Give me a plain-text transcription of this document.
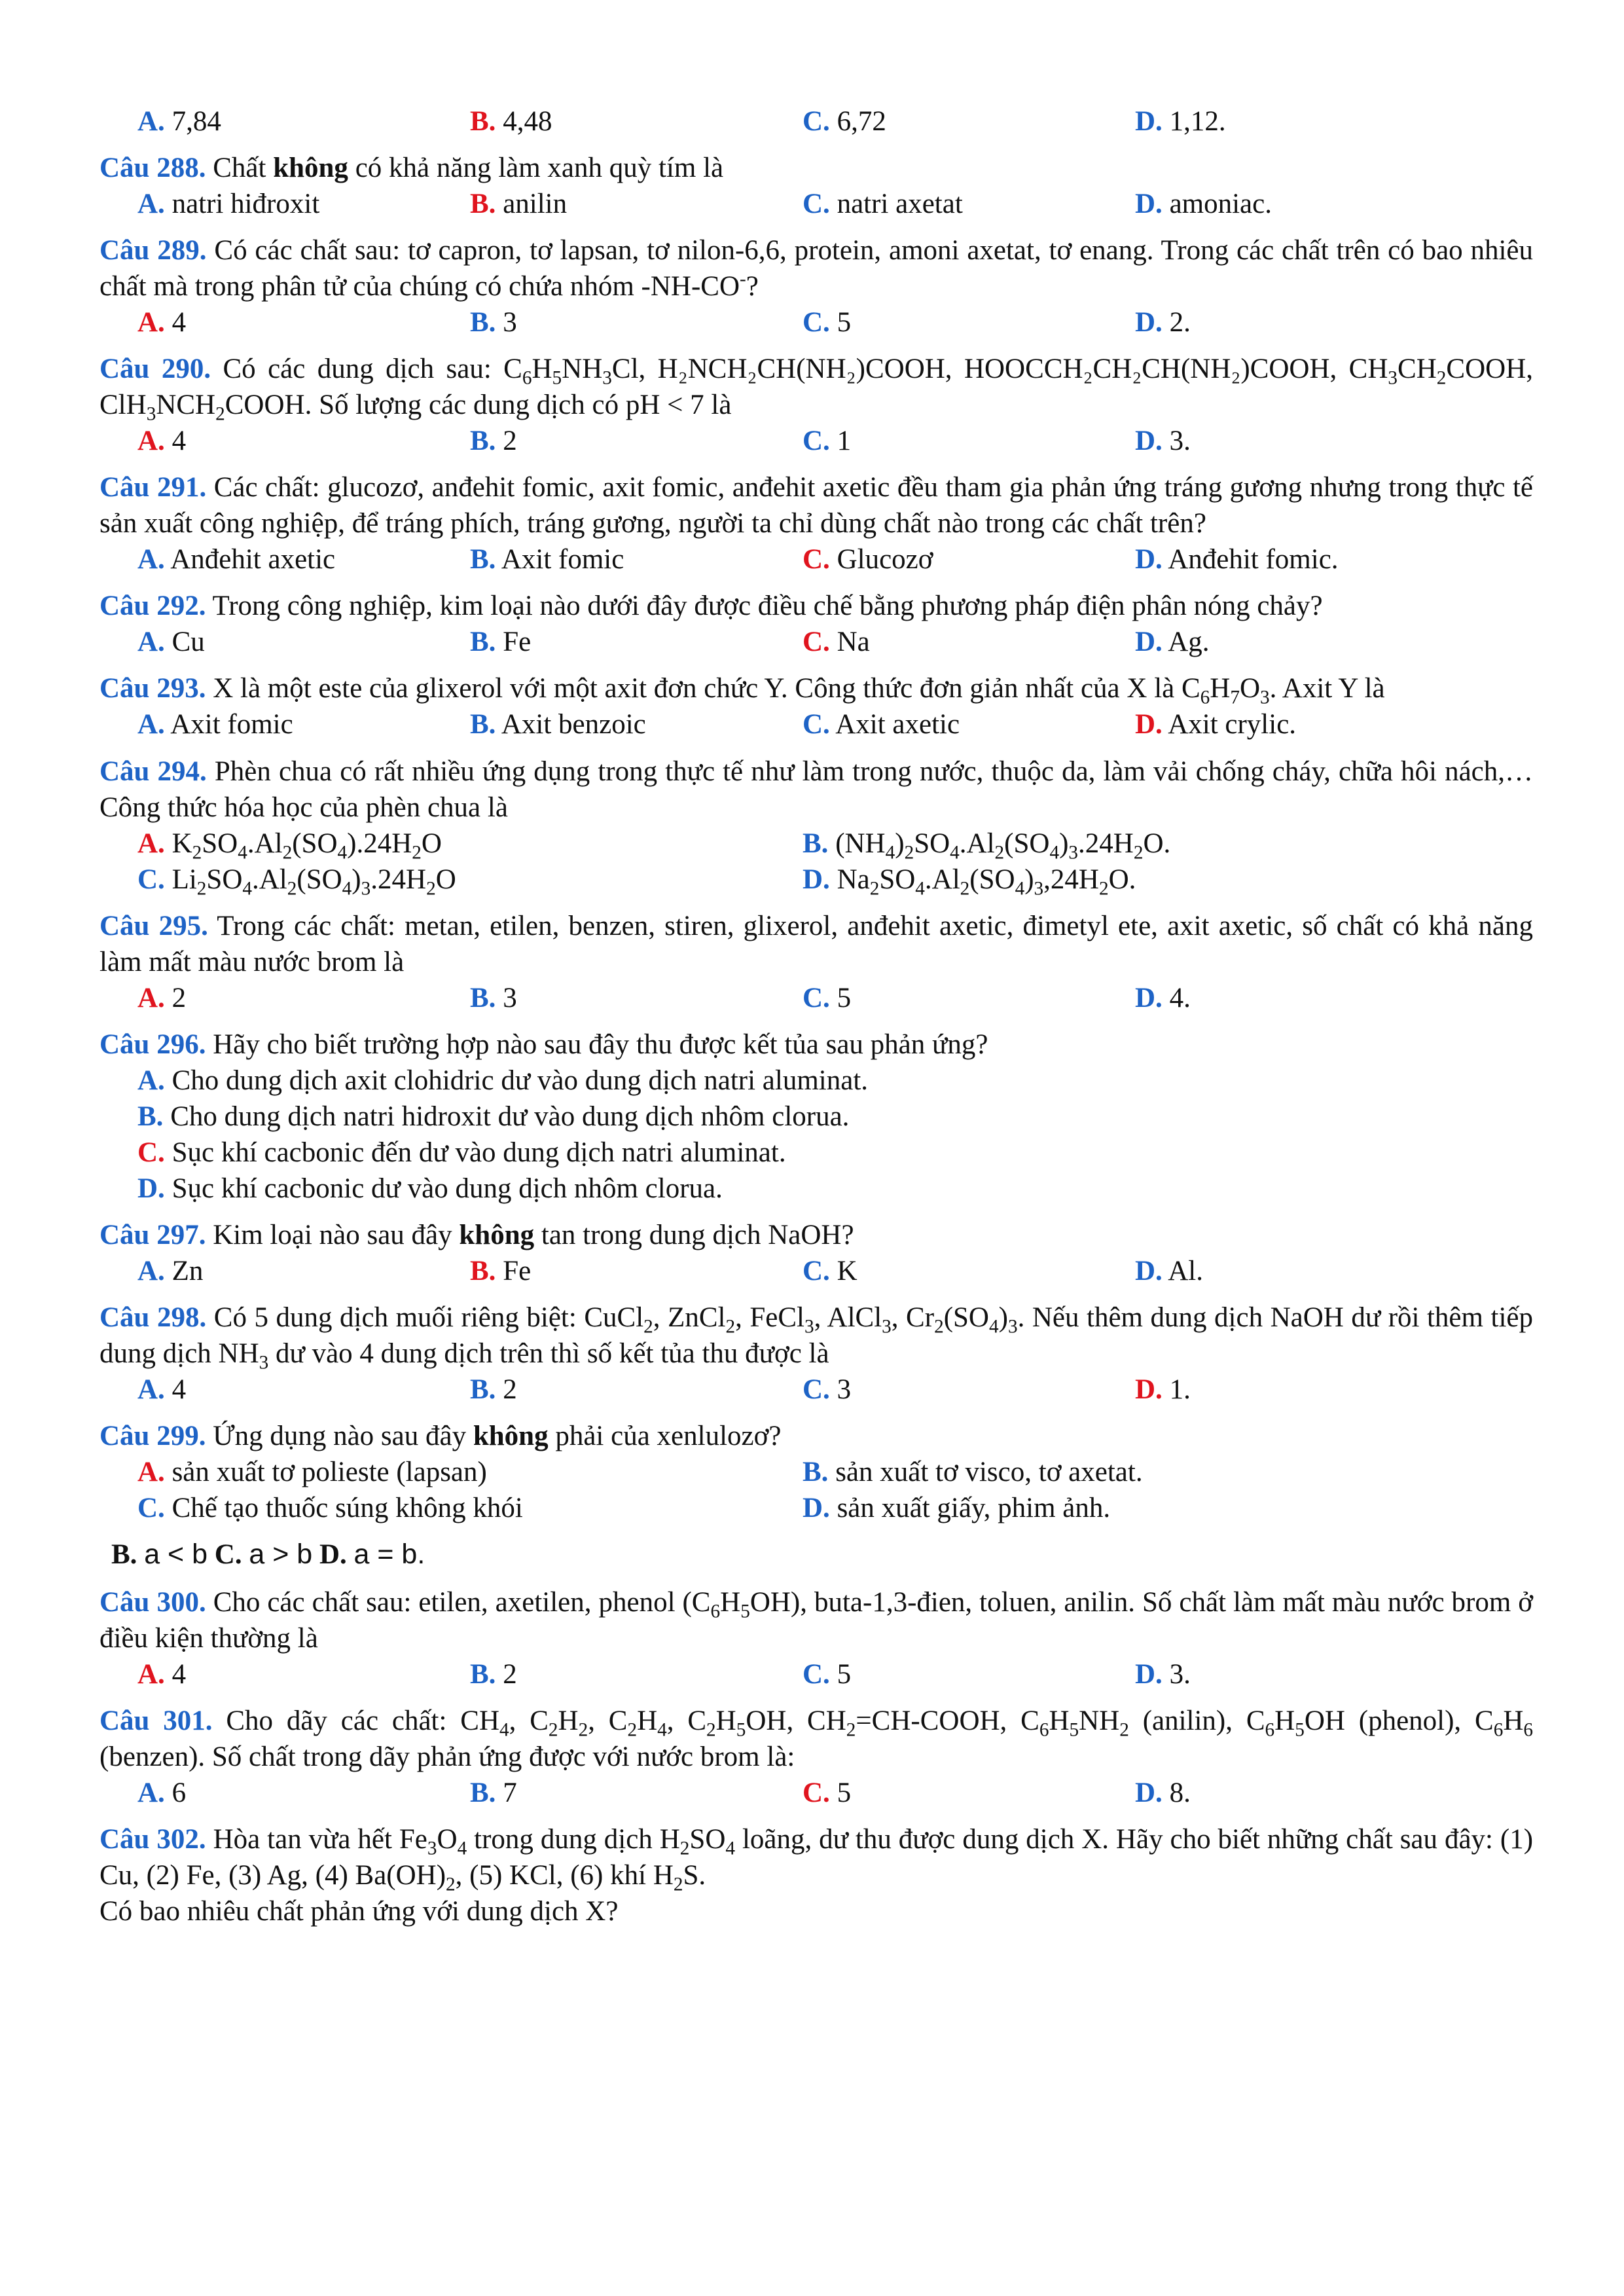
A. 7,84	B. 4,48	C. 6,72	D. 1,12.

Câu 288. Chất không có khả năng làm xanh quỳ tím là

A. natri hiđroxit	B. anilin	C. natri axetat	D. amoniac.

Câu 289. Có các chất sau: tơ capron, tơ lapsan, tơ nilon-6,6, protein, amoni axetat, tơ enang. Trong các chất trên có bao nhiêu chất mà trong phân tử của chúng có chứa nhóm -NH-CO-?

A. 4	B. 3	C. 5	D. 2.

Câu 290. Có các dung dịch sau: $C_6H_5NH_3Cl$, H₂NCH₂CH(NH₂)COOH, HOOCCH₂CH₂CH(NH₂)COOH, $CH_3CH_2COOH$, $ClH_3NCH_2COOH$. Số lượng các dung dịch có pH < 7 là

A. 4	B. 2	C. 1	D. 3.

Câu 291. Các chất: glucozơ, anđehit fomic, axit fomic, anđehit axetic đều tham gia phản ứng tráng gương nhưng trong thực tế sản xuất công nghiệp, để tráng phích, tráng gương, người ta chỉ dùng chất nào trong các chất trên?

A. Anđehit axetic	B. Axit fomic	C. Glucozơ	D. Anđehit fomic.

Câu 292. Trong công nghiệp, kim loại nào dưới đây được điều chế bằng phương pháp điện phân nóng chảy?

A. Cu	B. Fe	C. Na	D. Ag.

Câu 293. X là một este của glixerol với một axit đơn chức Y. Công thức đơn giản nhất của X là $C_6H_7O_3$. Axit Y là

A. Axit fomic	B. Axit benzoic	C. Axit axetic	D. Axit crylic.

Câu 294. Phèn chua có rất nhiều ứng dụng trong thực tế như làm trong nước, thuộc da, làm vải chống cháy, chữa hôi nách,…Công thức hóa học của phèn chua là

A. $K_2SO_4.Al_2(SO_4).24H_2O$	B. $(NH_4)_2SO_4.Al_2(SO_4)_3.24H_2O$.
C. $Li_2SO_4.Al_2(SO_4)_3.24H_2O$	D. $Na_2SO_4.Al_2(SO_4)_3,24H_2O$.

Câu 295. Trong các chất: metan, etilen, benzen, stiren, glixerol, anđehit axetic, đimetyl ete, axit axetic, số chất có khả năng làm mất màu nước brom là

A. 2	B. 3	C. 5	D. 4.

Câu 296. Hãy cho biết trường hợp nào sau đây thu được kết tủa sau phản ứng?

A. Cho dung dịch axit clohidric dư vào dung dịch natri aluminat.

B. Cho dung dịch natri hidroxit dư vào dung dịch nhôm clorua.

C. Sục khí cacbonic đến dư vào dung dịch natri aluminat.

D. Sục khí cacbonic dư vào dung dịch nhôm clorua.

Câu 297. Kim loại nào sau đây không tan trong dung dịch NaOH?

A. Zn	B. Fe	C. K	D. Al.

Câu 298. Có 5 dung dịch muối riêng biệt: CuCl$_2$, ZnCl$_2$, FeCl$_3$, AlCl$_3$, $Cr_2(SO_4)_3$. Nếu thêm dung dịch NaOH dư rồi thêm tiếp dung dịch $NH_3$ dư vào 4 dung dịch trên thì số kết tủa thu được là

A. 4	B. 2	C. 3	D. 1.

Câu 299. Ứng dụng nào sau đây không phải của xenlulozơ?

A. sản xuất tơ polieste (lapsan)	B. sản xuất tơ visco, tơ axetat.
C. Chế tạo thuốc súng không khói	D. sản xuất giấy, phim ảnh.

B. a < b C. a > b D. a = b.

Câu 300. Cho các chất sau: etilen, axetilen, phenol $(C_6H_5OH)$, buta-1,3-đien, toluen, anilin. Số chất làm mất màu nước brom ở điều kiện thường là

A. 4	B. 2	C. 5	D. 3.

Câu 301. Cho dãy các chất: $CH_4$, $C_2H_2$, $C_2H_4$, $C_2H_5OH$, $CH_2=CH$-COOH, $C_6H_5NH_2$ (anilin), $C_6H_5OH$ (phenol), $C_6H_6$ (benzen). Số chất trong dãy phản ứng được với nước brom là:

A. 6	B. 7	C. 5	D. 8.

Câu 302. Hòa tan vừa hết $Fe_3O_4$ trong dung dịch $H_2SO_4$ loãng, dư thu được dung dịch X. Hãy cho biết những chất sau đây: (1) Cu, (2) Fe, (3) Ag, (4) $Ba(OH)_2$, (5) KCl, (6) khí $H_2S$.

Có bao nhiêu chất phản ứng với dung dịch X?
